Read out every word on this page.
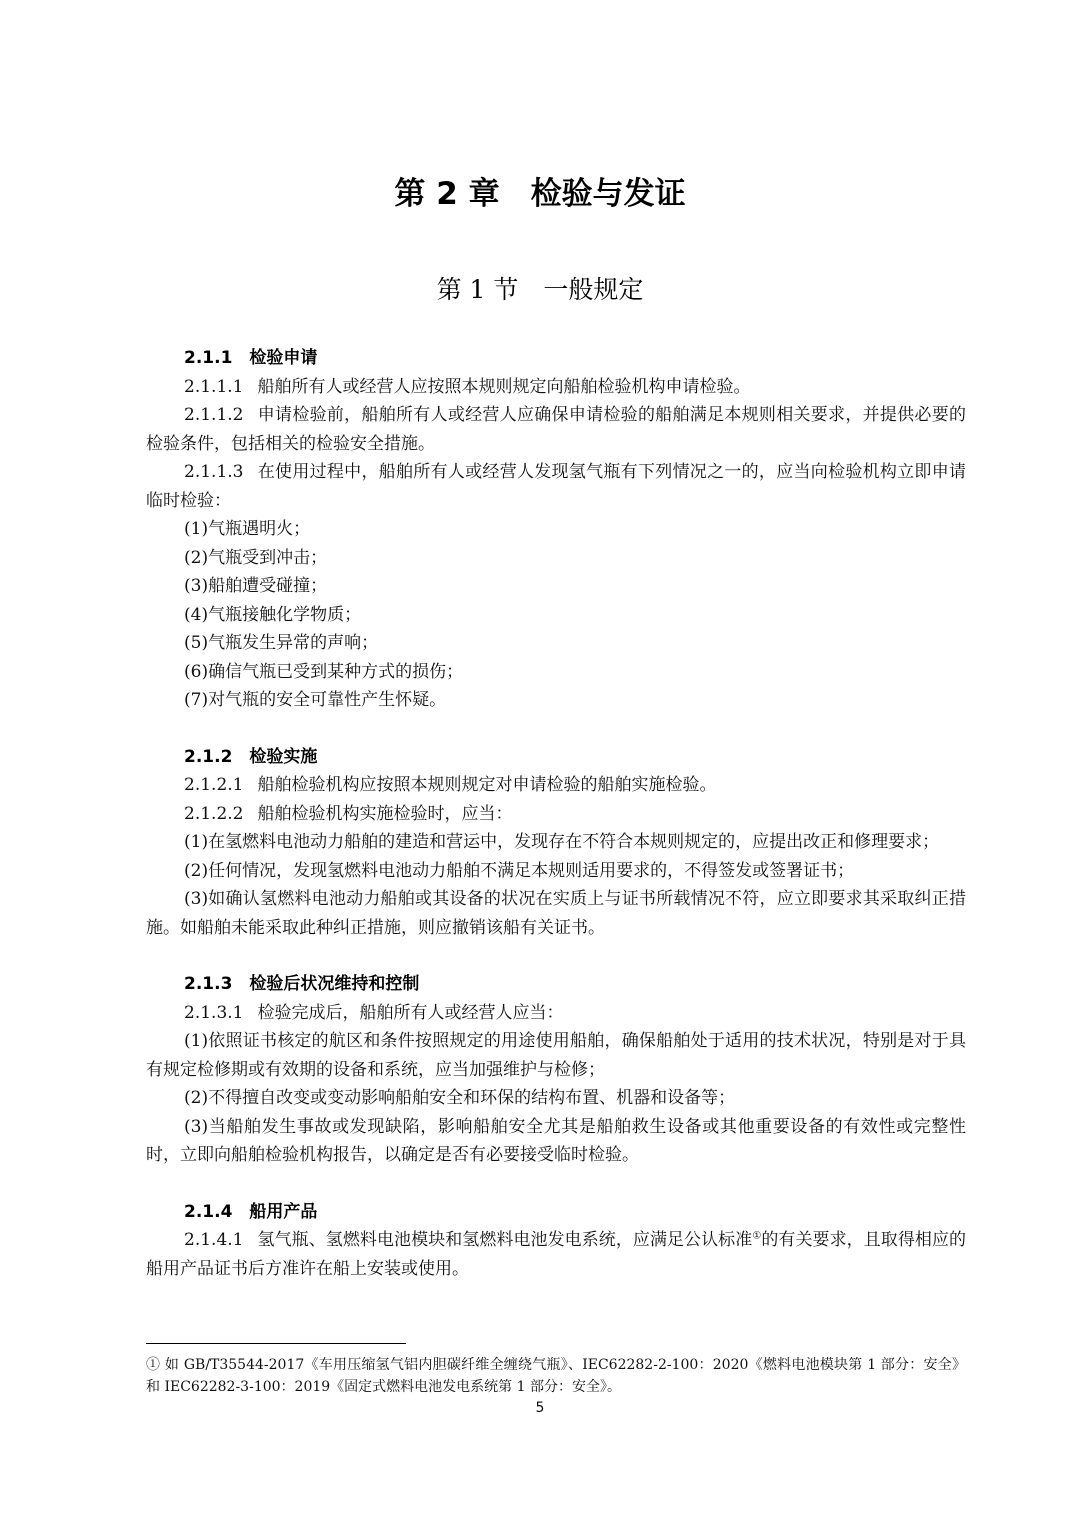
第 2 章　检验与发证
第 1 节　一般规定
2.1.1　检验申请
2.1.1.1 船舶所有人或经营人应按照本规则规定向船舶检验机构申请检验。
2.1.1.2 申请检验前，船舶所有人或经营人应确保申请检验的船舶满足本规则相关要求，并提供必要的检验条件，包括相关的检验安全措施。
2.1.1.3 在使用过程中，船舶所有人或经营人发现氢气瓶有下列情况之一的，应当向检验机构立即申请临时检验：
(1)气瓶遇明火；
(2)气瓶受到冲击；
(3)船舶遭受碰撞；
(4)气瓶接触化学物质；
(5)气瓶发生异常的声响；
(6)确信气瓶已受到某种方式的损伤；
(7)对气瓶的安全可靠性产生怀疑。
2.1.2　检验实施
2.1.2.1 船舶检验机构应按照本规则规定对申请检验的船舶实施检验。
2.1.2.2 船舶检验机构实施检验时，应当：
(1)在氢燃料电池动力船舶的建造和营运中，发现存在不符合本规则规定的，应提出改正和修理要求；
(2)任何情况，发现氢燃料电池动力船舶不满足本规则适用要求的，不得签发或签署证书；
(3)如确认氢燃料电池动力船舶或其设备的状况在实质上与证书所载情况不符，应立即要求其采取纠正措施。如船舶未能采取此种纠正措施，则应撤销该船有关证书。
2.1.3　检验后状况维持和控制
2.1.3.1 检验完成后，船舶所有人或经营人应当：
(1)依照证书核定的航区和条件按照规定的用途使用船舶，确保船舶处于适用的技术状况，特别是对于具有规定检修期或有效期的设备和系统，应当加强维护与检修；
(2)不得擅自改变或变动影响船舶安全和环保的结构布置、机器和设备等；
(3)当船舶发生事故或发现缺陷，影响船舶安全尤其是船舶救生设备或其他重要设备的有效性或完整性时，立即向船舶检验机构报告，以确定是否有必要接受临时检验。
2.1.4　船用产品
2.1.4.1 氢气瓶、氢燃料电池模块和氢燃料电池发电系统，应满足公认标准①的有关要求，且取得相应的船用产品证书后方准许在船上安装或使用。
① 如 GB/T35544-2017《车用压缩氢气铝内胆碳纤维全缠绕气瓶》、IEC62282-2-100：2020《燃料电池模块第 1 部分：安全》和 IEC62282-3-100：2019《固定式燃料电池发电系统第 1 部分：安全》。
5
